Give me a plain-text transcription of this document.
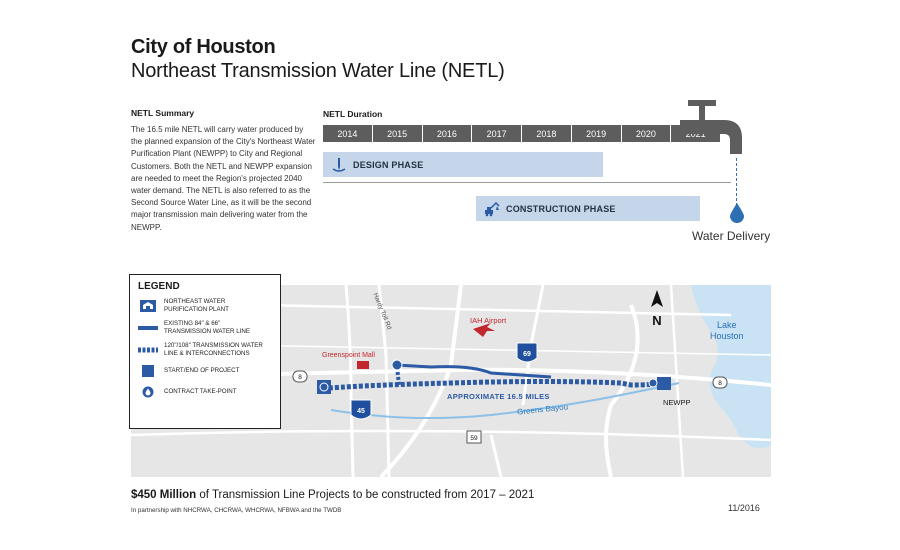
City of Houston
Northeast Transmission Water Line (NETL)
NETL Summary
The 16.5 mile NETL will carry water produced by the planned expansion of the City's Northeast Water Purification Plant (NEWPP) to City and Regional Customers. Both the NETL and NEWPP expansion are needed to meet the Region's projected 2040 water demand. The NETL is also referred to as the Second Source Water Line, as it will be the second major transmission main delivering water from the NEWPP.
NETL Duration
2014	2015	2016	2017	2018	2019	2020
DESIGN PHASE
CONSTRUCTION PHASE
Water Delivery
N
45
69
59
8
8
Hardy Toll Rd	IAH Airport
Greenspoint Mall
APPROXIMATE 16.5 MILES
Greens Bayou	NEWPP
Lake
Houston
LEGEND
NORTHEAST WATER
PURIFICATION PLANT
EXISTING 84" & 66"
TRANSMISSION WATER LINE
120"/108" TRANSMISSION WATER
LINE & INTERCONNECTIONS
START/END OF PROJECT
CONTRACT TAKE-POINT
$450 Million of Transmission Line Projects to be constructed from 2017 – 2021
In partnership with NHCRWA, CHCRWA, WHCRWA, NFBWA and the TWDB	11/2016
